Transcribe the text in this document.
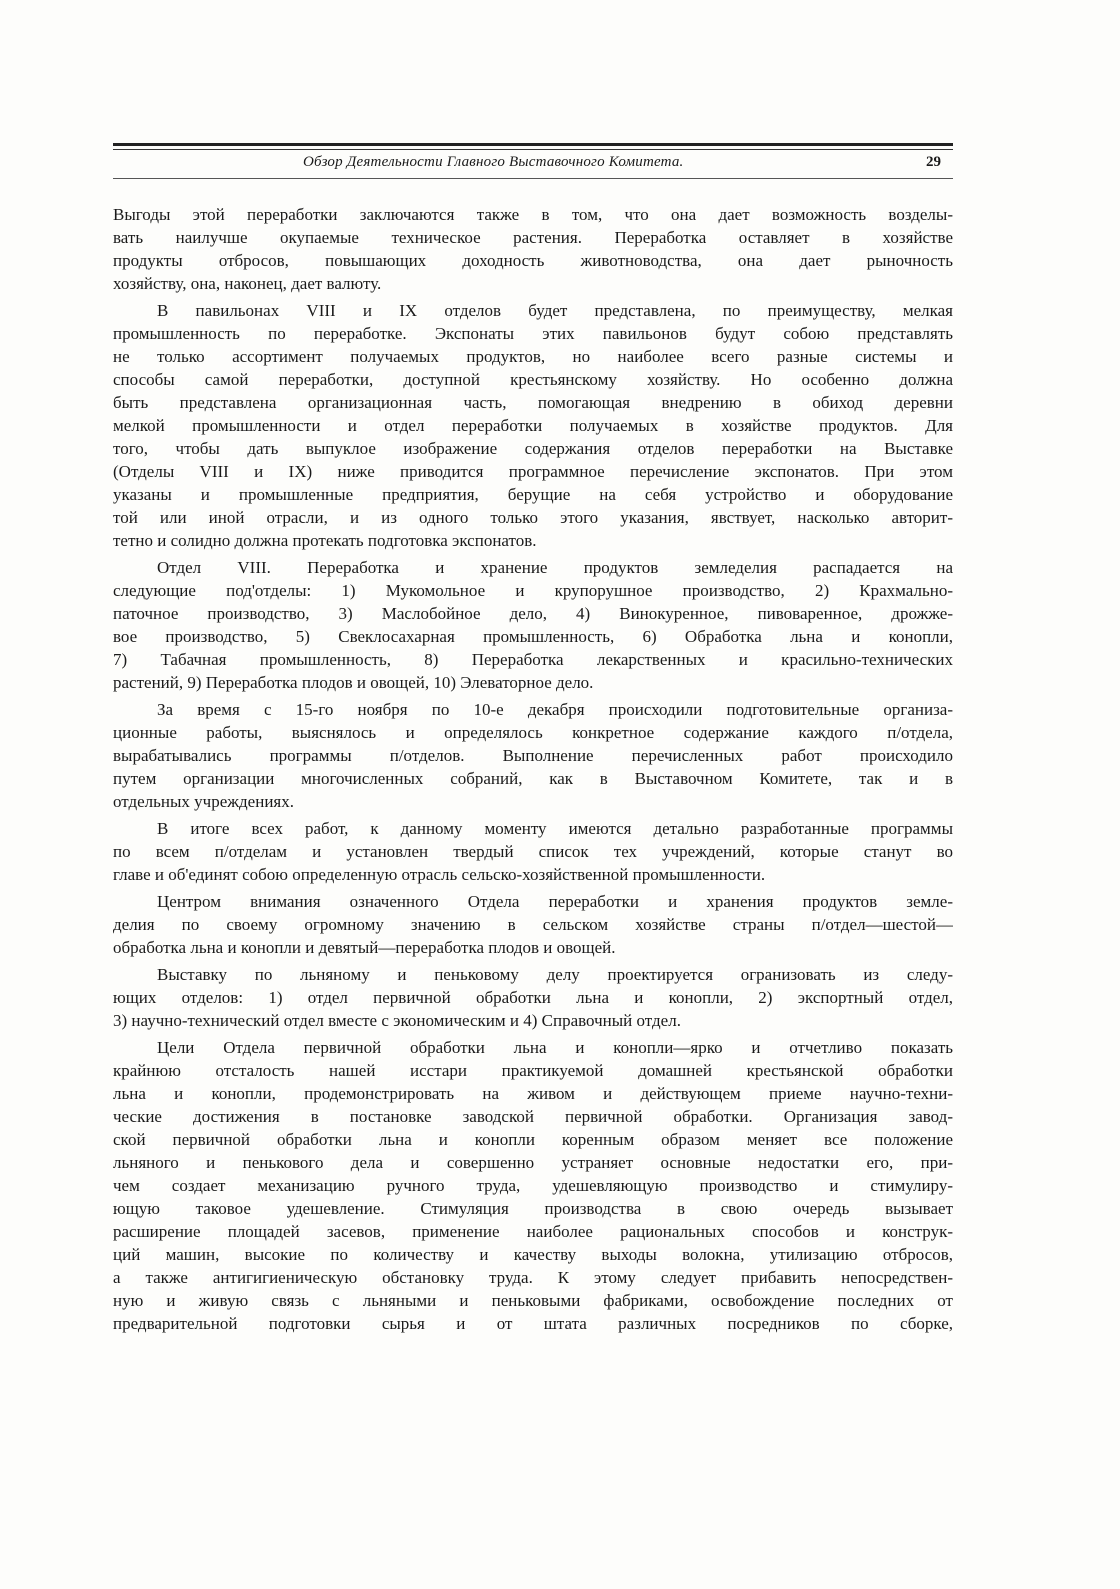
Обзор Деятельности Главного Выставочного Комитета.	29
Выгоды этой переработки заключаются также в том, что она дает возможность возделы-
вать наилучше окупаемые техническое растения. Переработка оставляет в хозяйстве
продукты отбросов, повышающих доходность животноводства, она дает рыночность
хозяйству, она, наконец, дает валюту.
В павильонах VIII и IX отделов будет представлена, по преимуществу, мелкая
промышленность по переработке. Экспонаты этих павильонов будут собою представлять
не только ассортимент получаемых продуктов, но наиболее всего разные системы и
способы самой переработки, доступной крестьянскому хозяйству. Но особенно должна
быть представлена организационная часть, помогающая внедрению в обиход деревни
мелкой промышленности и отдел переработки получаемых в хозяйстве продуктов. Для
того, чтобы дать выпуклое изображение содержания отделов переработки на Выставке
(Отделы VIII и IX) ниже приводится программное перечисление экспонатов. При этом
указаны и промышленные предприятия, берущие на себя устройство и оборудование
той или иной отрасли, и из одного только этого указания, явствует, насколько авторит-
тетно и солидно должна протекать подготовка экспонатов.
Отдел VIII. Переработка и хранение продуктов земледелия распадается на
следующие под'отделы: 1) Мукомольное и крупорушное производство, 2) Крахмально-
паточное производство, 3) Маслобойное дело, 4) Винокуренное, пивоваренное, дрожже-
вое производство, 5) Свеклосахарная промышленность, 6) Обработка льна и конопли,
7) Табачная промышленность, 8) Переработка лекарственных и красильно-технических
растений, 9) Переработка плодов и овощей, 10) Элеваторное дело.
За время с 15-го ноября по 10-е декабря происходили подготовительные организа-
ционные работы, выяснялось и определялось конкретное содержание каждого п/отдела,
вырабатывались программы п/отделов. Выполнение перечисленных работ происходило
путем организации многочисленных собраний, как в Выставочном Комитете, так и в
отдельных учреждениях.
В итоге всех работ, к данному моменту имеются детально разработанные программы
по всем п/отделам и установлен твердый список тех учреждений, которые станут во
главе и об'единят собою определенную отрасль сельско-хозяйственной промышленности.
Центром внимания означенного Отдела переработки и хранения продуктов земле-
делия по своему огромному значению в сельском хозяйстве страны п/отдел—шестой—
обработка льна и конопли и девятый—переработка плодов и овощей.
Выставку по льняному и пеньковому делу проектируется огранизовать из следу-
ющих отделов: 1) отдел первичной обработки льна и конопли, 2) экспортный отдел,
3) научно-технический отдел вместе с экономическим и 4) Справочный отдел.
Цели Отдела первичной обработки льна и конопли—ярко и отчетливо показать
крайнюю отсталость нашей исстари практикуемой домашней крестьянской обработки
льна и конопли, продемонстрировать на живом и действующем приеме научно-техни-
ческие достижения в постановке заводской первичной обработки. Организация завод-
ской первичной обработки льна и конопли коренным образом меняет все положение
льняного и пенькового дела и совершенно устраняет основные недостатки его, при-
чем создает механизацию ручного труда, удешевляющую производство и стимулиру-
ющую таковое удешевление. Стимуляция производства в свою очередь вызывает
расширение площадей засевов, применение наиболее рациональных способов и конструк-
ций машин, высокие по количеству и качеству выходы волокна, утилизацию отбросов,
а также антигигиеническую обстановку труда. К этому следует прибавить непосредствен-
ную и живую связь с льняными и пеньковыми фабриками, освобождение последних от
предварительной подготовки сырья и от штата различных посредников по сборке,
